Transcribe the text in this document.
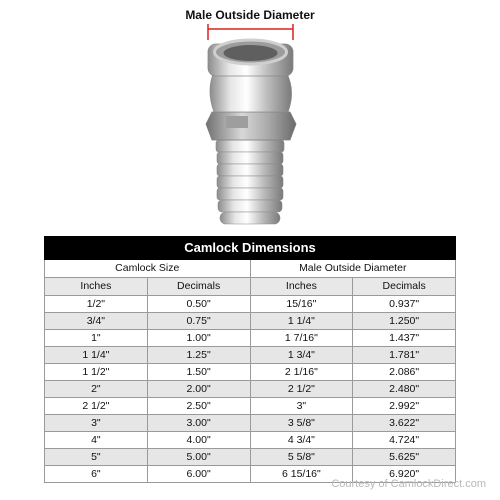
Male Outside Diameter
Camlock Dimensions			
Camlock Size		Male Outside Diameter	
Inches	Decimals	Inches	Decimals
1/2"	0.50"	15/16"	0.937"
3/4"	0.75"	1 1/4"	1.250"
1"	1.00"	1 7/16"	1.437"
1 1/4"	1.25"	1 3/4"	1.781"
1 1/2"	1.50"	2 1/16"	2.086"
2"	2.00"	2 1/2"	2.480"
2 1/2"	2.50"	3"	2.992"
3"	3.00"	3 5/8"	3.622"
4"	4.00"	4 3/4"	4.724"
5"	5.00"	5 5/8"	5.625"
6"	6.00"	6 15/16"	6.920"
Courtesy of CamlockDirect.com
